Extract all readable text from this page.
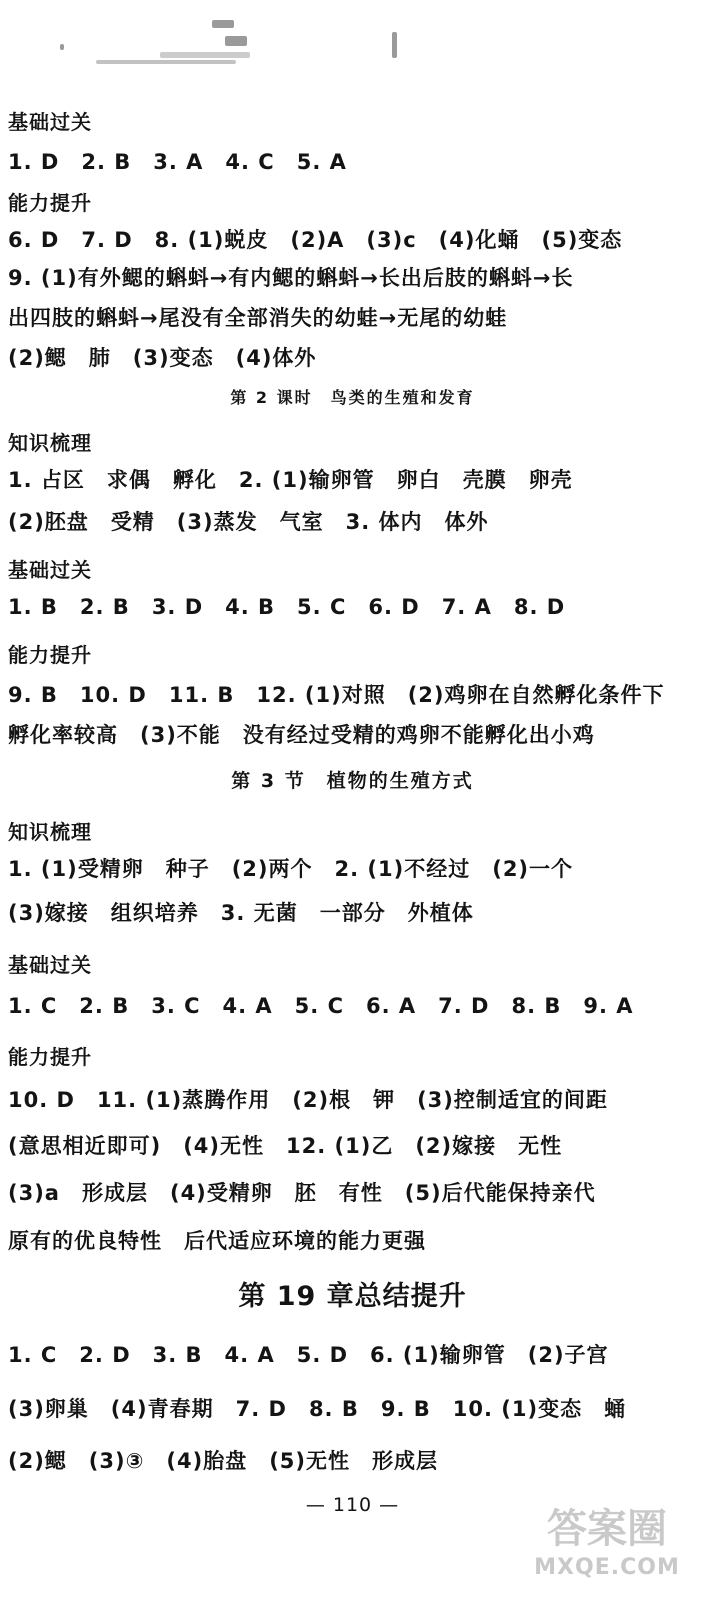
基础过关
1. D　2. B　3. A　4. C　5. A
能力提升
6. D　7. D　8. (1)蜕皮　(2)A　(3)c　(4)化蛹　(5)变态
9. (1)有外鳃的蝌蚪→有内鳃的蝌蚪→长出后肢的蝌蚪→长
出四肢的蝌蚪→尾没有全部消失的幼蛙→无尾的幼蛙
(2)鳃　肺　(3)变态　(4)体外
第 2 课时　鸟类的生殖和发育
知识梳理
1. 占区　求偶　孵化　2. (1)输卵管　卵白　壳膜　卵壳
(2)胚盘　受精　(3)蒸发　气室　3. 体内　体外
基础过关
1. B　2. B　3. D　4. B　5. C　6. D　7. A　8. D
能力提升
9. B　10. D　11. B　12. (1)对照　(2)鸡卵在自然孵化条件下
孵化率较高　(3)不能　没有经过受精的鸡卵不能孵化出小鸡
第 3 节　植物的生殖方式
知识梳理
1. (1)受精卵　种子　(2)两个　2. (1)不经过　(2)一个
(3)嫁接　组织培养　3. 无菌　一部分　外植体
基础过关
1. C　2. B　3. C　4. A　5. C　6. A　7. D　8. B　9. A
能力提升
10. D　11. (1)蒸腾作用　(2)根　钾　(3)控制适宜的间距
(意思相近即可)　(4)无性　12. (1)乙　(2)嫁接　无性
(3)a　形成层　(4)受精卵　胚　有性　(5)后代能保持亲代
原有的优良特性　后代适应环境的能力更强
第 19 章总结提升
1. C　2. D　3. B　4. A　5. D　6. (1)输卵管　(2)子宫
(3)卵巢　(4)青春期　7. D　8. B　9. B　10. (1)变态　蛹
(2)鳃　(3)③　(4)胎盘　(5)无性　形成层
— 110 —
答案圈
MXQE.COM
